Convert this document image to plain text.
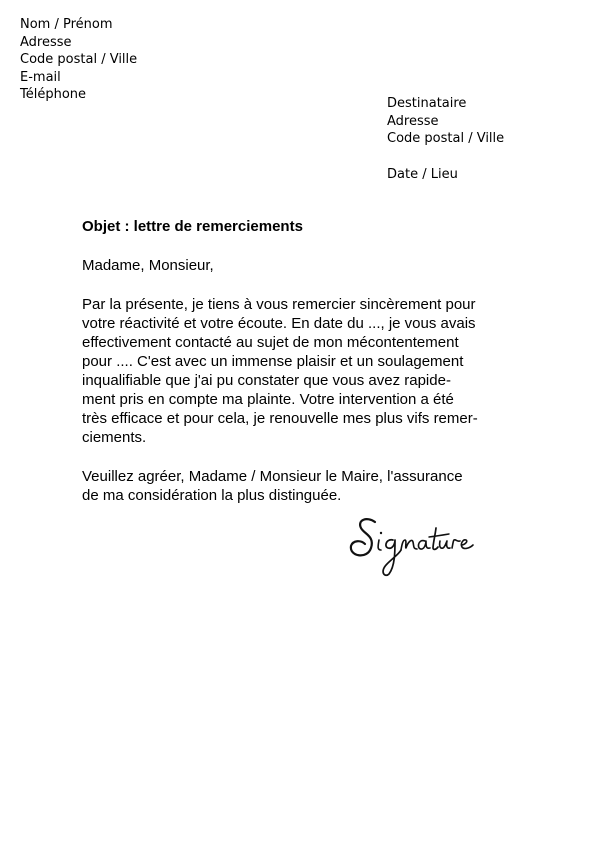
Nom / Prénom
Adresse
Code postal / Ville
E-mail
Téléphone
Destinataire
Adresse
Code postal / Ville
Date / Lieu
Objet : lettre de remerciements
Madame, Monsieur,
Par la présente, je tiens à vous remercier sincèrement pour
votre réactivité et votre écoute. En date du ..., je vous avais
effectivement contacté au sujet de mon mécontentement
pour .... C'est avec un immense plaisir et un soulagement
inqualifiable que j'ai pu constater que vous avez rapide-
ment pris en compte ma plainte. Votre intervention a été
très efficace et pour cela, je renouvelle mes plus vifs remer-
ciements.
Veuillez agréer, Madame / Monsieur le Maire, l'assurance
de ma considération la plus distinguée.
